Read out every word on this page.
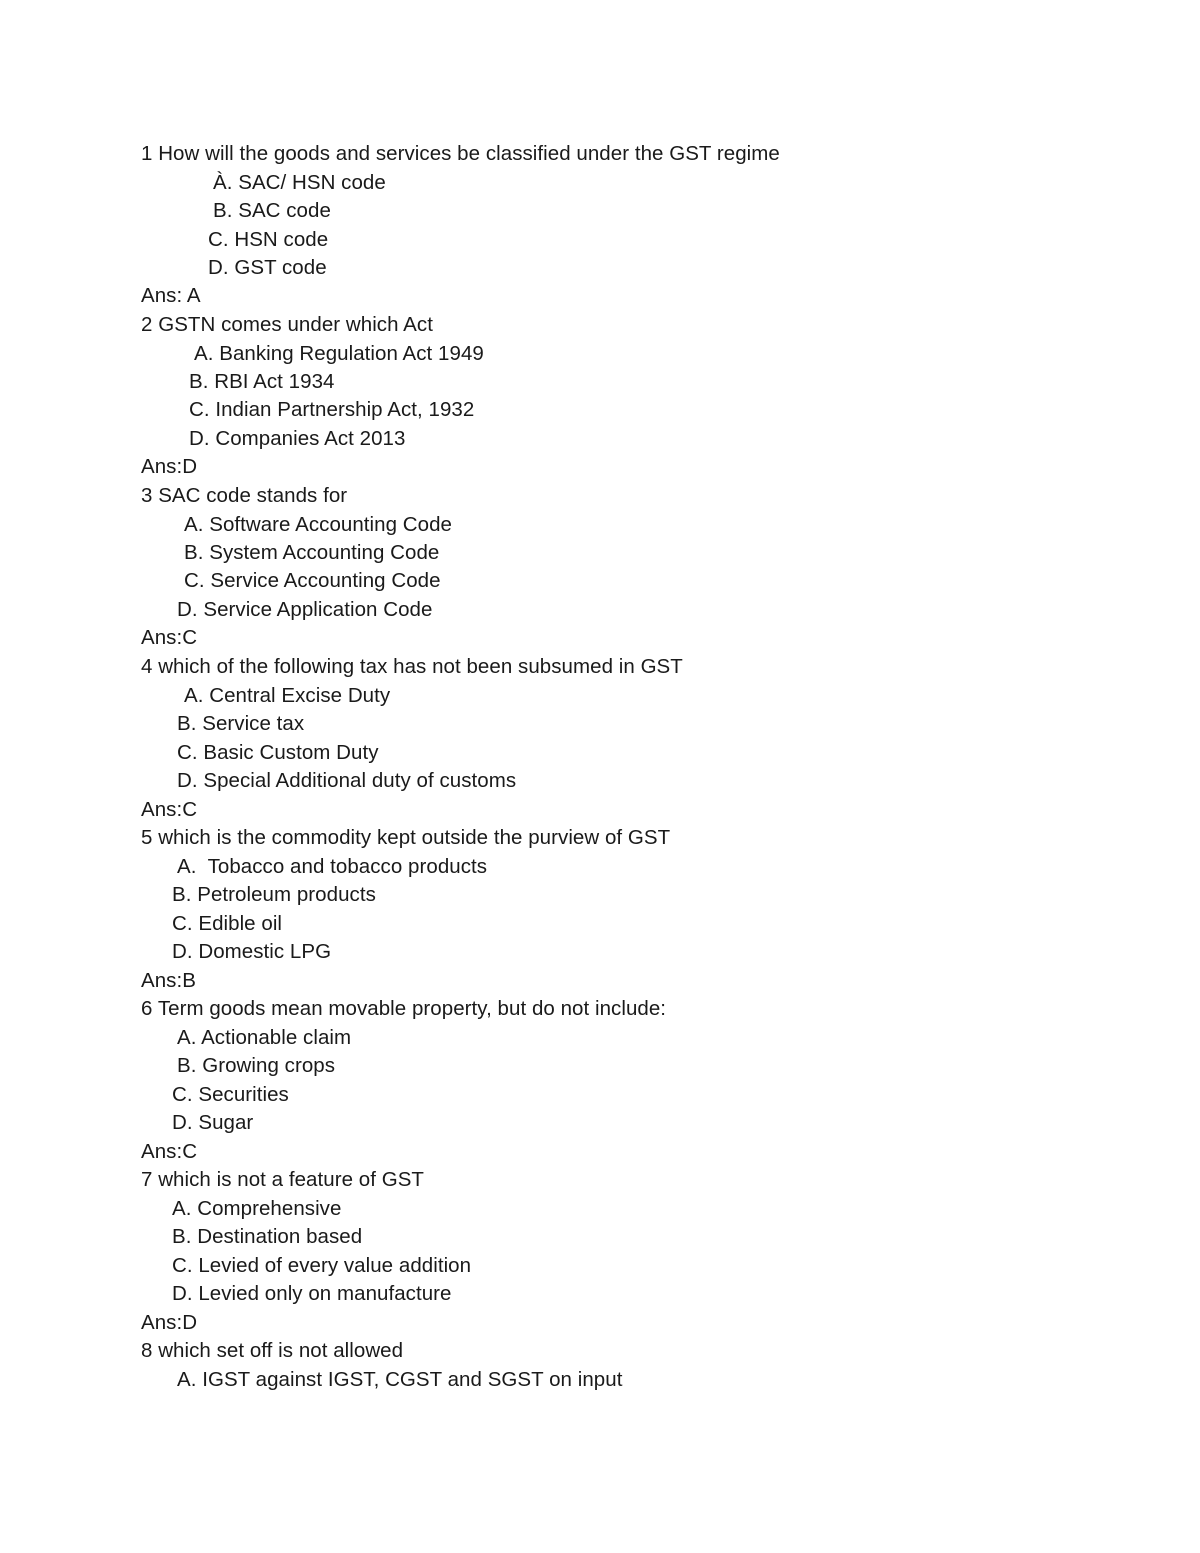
1 How will the goods and services be classified under the GST regime
À. SAC/ HSN code
B. SAC code
C. HSN code
D. GST code
Ans: A
2 GSTN comes under which Act
A. Banking Regulation Act 1949
B. RBI Act 1934
C. Indian Partnership Act, 1932
D. Companies Act 2013
Ans:D
3 SAC code stands for
A. Software Accounting Code
B. System Accounting Code
C. Service Accounting Code
D. Service Application Code
Ans:C
4 which of the following tax has not been subsumed in GST
A. Central Excise Duty
B. Service tax
C. Basic Custom Duty
D. Special Additional duty of customs
Ans:C
5 which is the commodity kept outside the purview of GST
A.  Tobacco and tobacco products
B. Petroleum products
C. Edible oil
D. Domestic LPG
Ans:B
6 Term goods mean movable property, but do not include:
A. Actionable claim
B. Growing crops
C. Securities
D. Sugar
Ans:C
7 which is not a feature of GST
A. Comprehensive
B. Destination based
C. Levied of every value addition
D. Levied only on manufacture
Ans:D
8 which set off is not allowed
A. IGST against IGST, CGST and SGST on input
